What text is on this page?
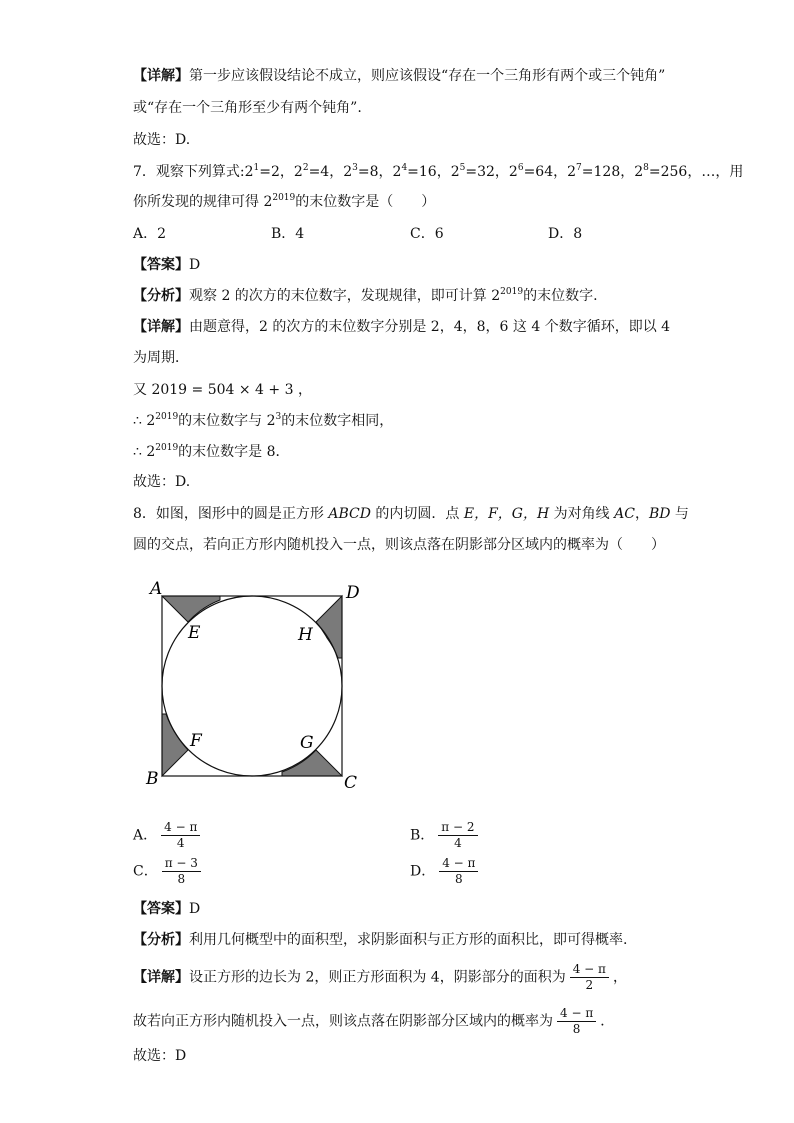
【详解】第一步应该假设结论不成立，则应该假设“存在一个三角形有两个或三个钝角”
或“存在一个三角形至少有两个钝角”.
故选：D.
7．观察下列算式$:2^1=2$，$2^2=4$，$2^3=8$，$2^4=16$，$2^5=32$，$2^6=64$，$2^7=128$，$2^8=256$，…，用
你所发现的规律可得 $2^{2019}$的末位数字是（　　）
A．2	B．4	C．6	D．8
【答案】D
【分析】观察 2 的次方的末位数字，发现规律，即可计算 $2^{2019}$的末位数字.
【详解】由题意得，2 的次方的末位数字分别是 2，4，8，6 这 4 个数字循环，即以 4
为周期．
又 2019 = 504 × 4 + 3 ，
∴ $2^{2019}$的末位数字与 $2^3$的末位数字相同，
∴ $2^{2019}$的末位数字是 8．
故选：D.
8．如图，图形中的圆是正方形 ABCD 的内切圆．点 E，F，G，H 为对角线 AC，BD 与
圆的交点，若向正方形内随机投入一点，则该点落在阴影部分区域内的概率为（　　）
A	D
B	C
E	H
F	G
A． $\frac{4 - \pi}{4}$	B． $\frac{\pi - 2}{4}$
C． $\frac{\pi - 3}{8}$	D． $\frac{4 - \pi}{8}$
【答案】D
【分析】利用几何概型中的面积型，求阴影面积与正方形的面积比，即可得概率.
【详解】设正方形的边长为 2，则正方形面积为 4，阴影部分的面积为 $\frac{4 - \pi}{2}$ ，
故若向正方形内随机投入一点，则该点落在阴影部分区域内的概率为 $\frac{4 - \pi}{8}$ ．
故选：D
